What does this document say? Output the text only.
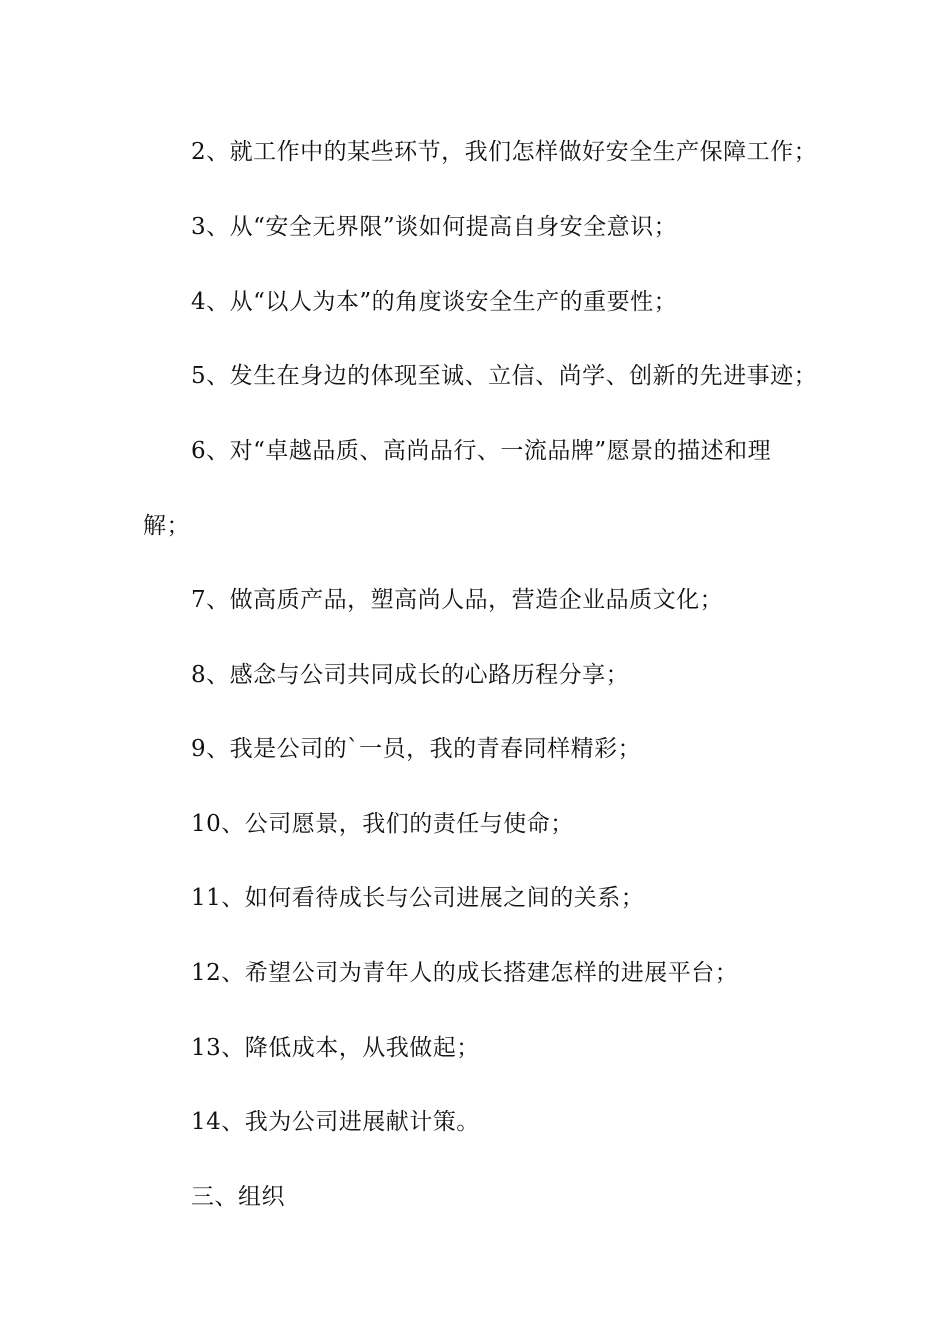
2、就工作中的某些环节，我们怎样做好安全生产保障工作；
3、从“安全无界限”谈如何提高自身安全意识；
4、从“以人为本”的角度谈安全生产的重要性；
5、发生在身边的体现至诚、立信、尚学、创新的先进事迹；
6、对“卓越品质、高尚品行、一流品牌”愿景的描述和理
解；
7、做高质产品，塑高尚人品，营造企业品质文化；
8、感念与公司共同成长的心路历程分享；
9、我是公司的`一员，我的青春同样精彩；
10、公司愿景，我们的责任与使命；
11、如何看待成长与公司进展之间的关系；
12、希望公司为青年人的成长搭建怎样的进展平台；
13、降低成本，从我做起；
14、我为公司进展献计策。
三、组织
